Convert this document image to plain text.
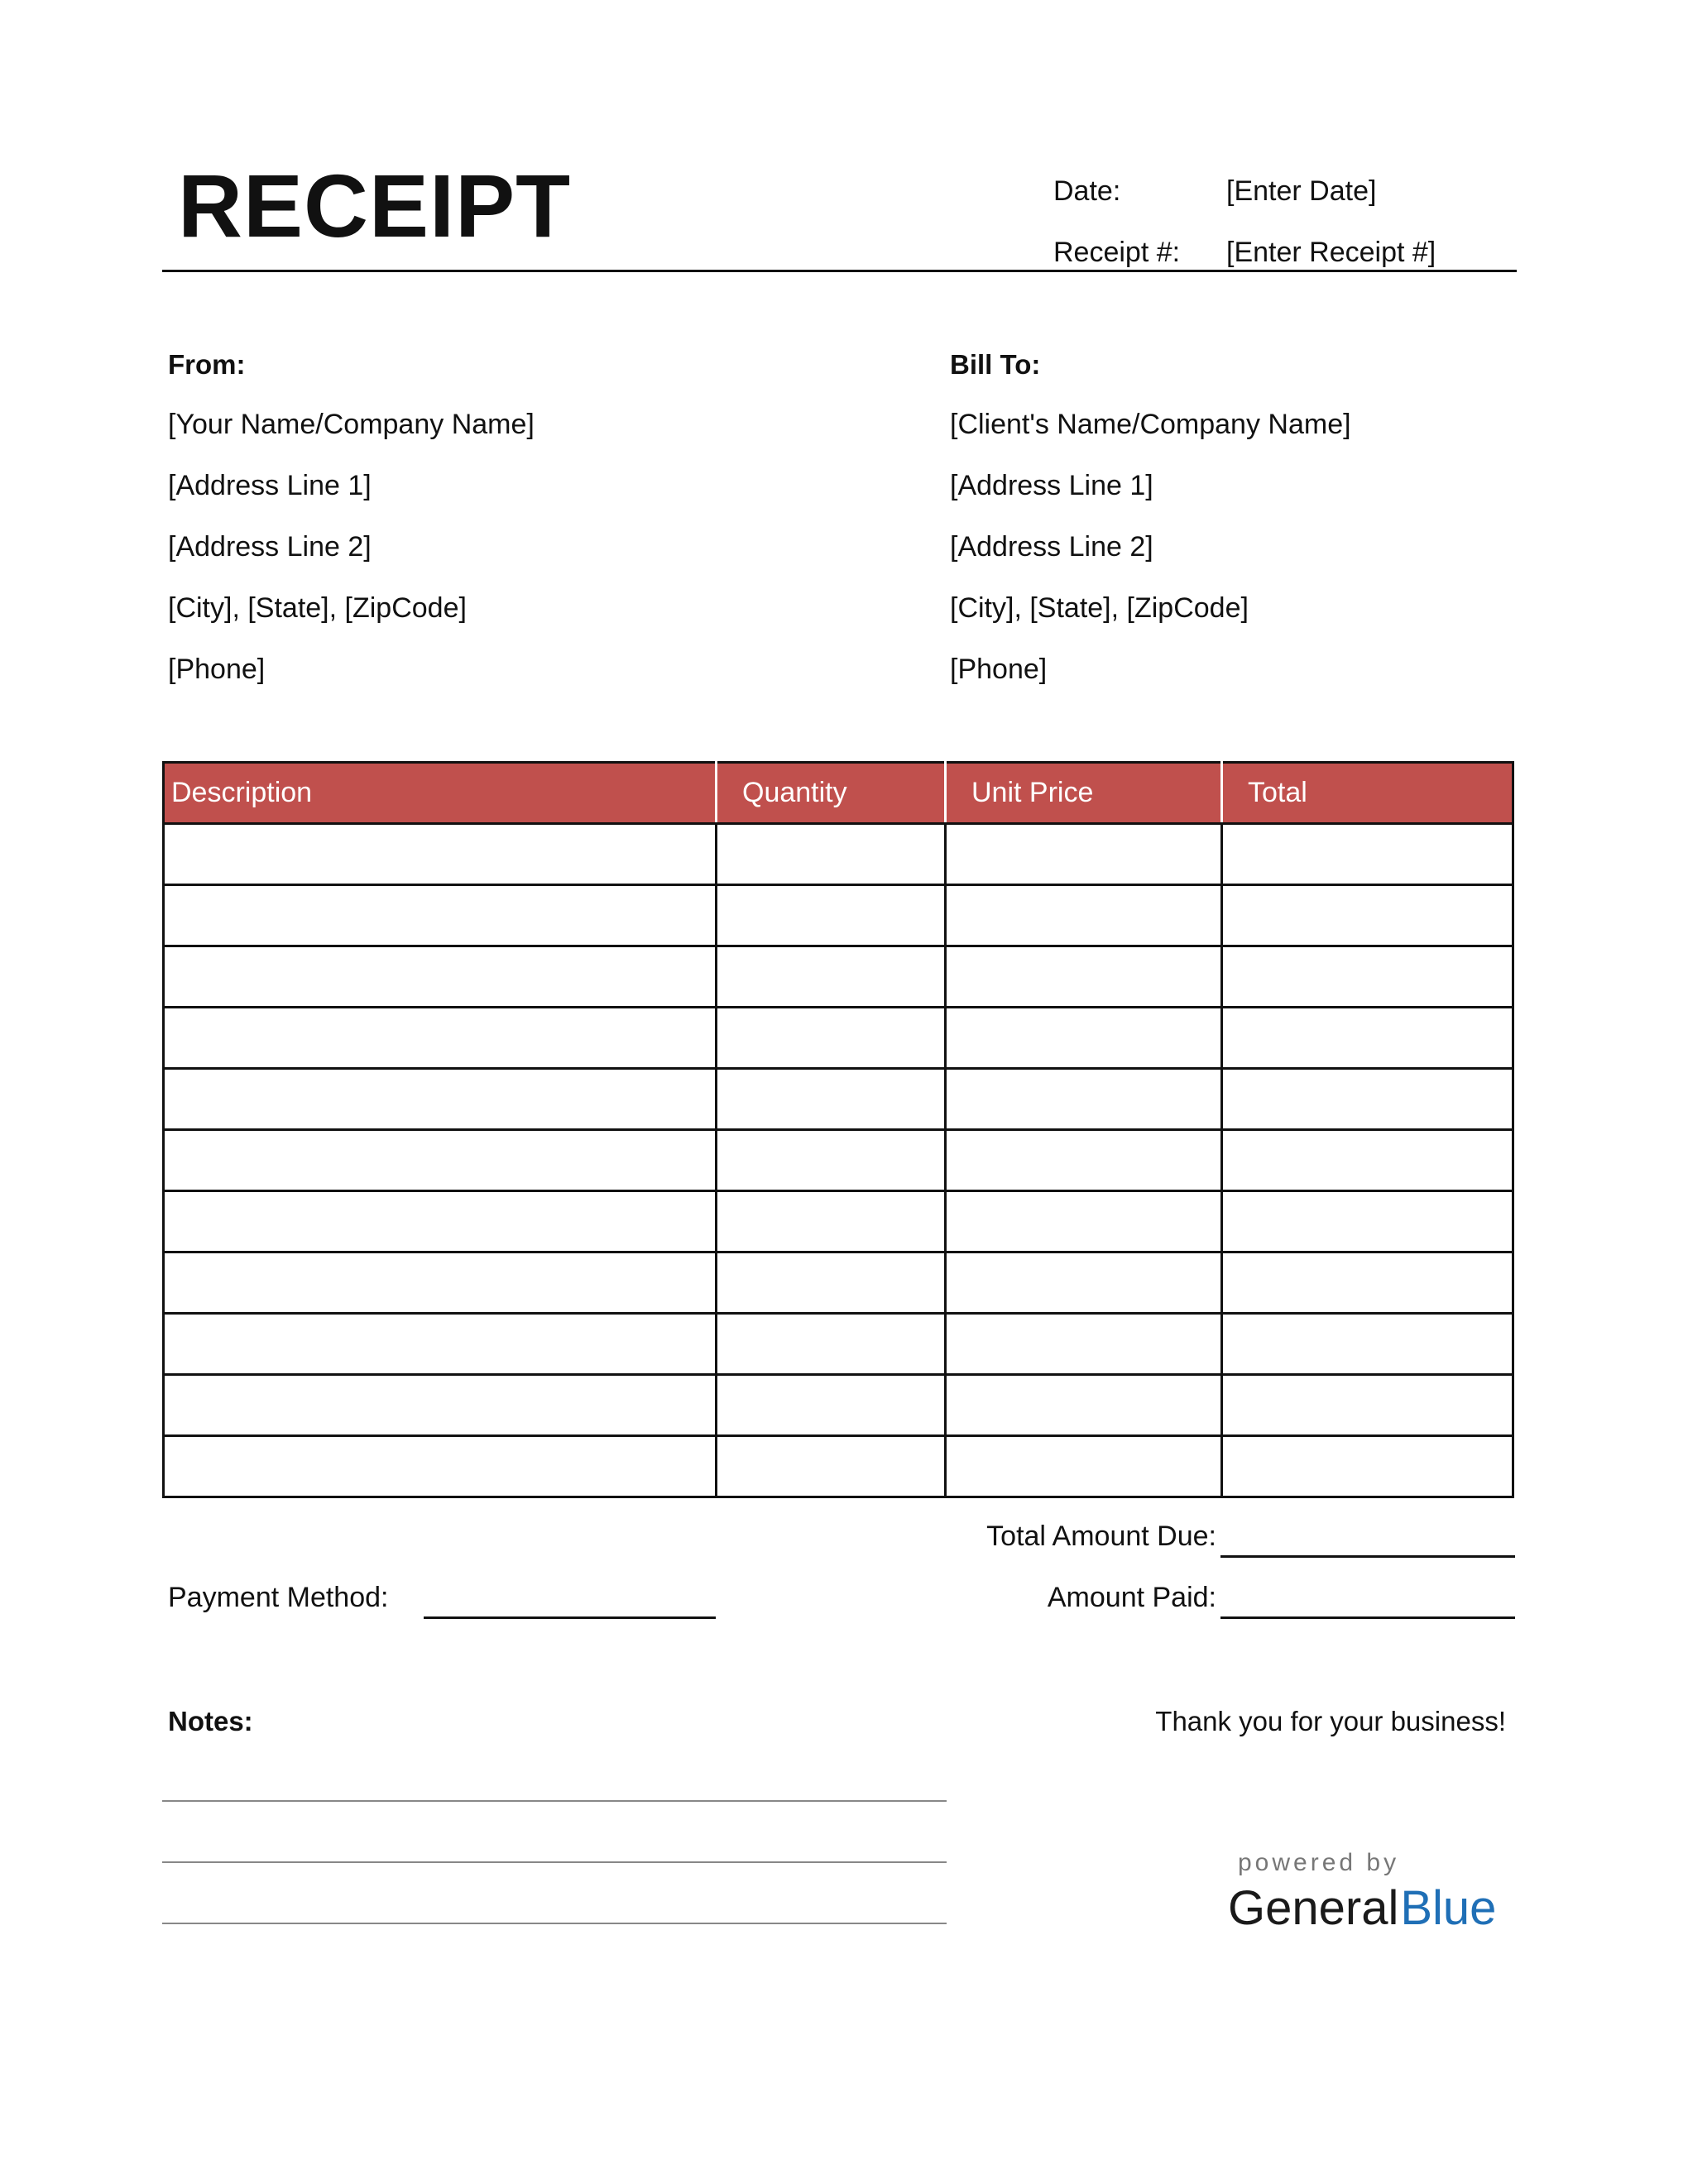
RECEIPT	Date:	[Enter Date]
Receipt #: [Enter Receipt #]
From:
[Your Name/Company Name]
[Address Line 1]
[Address Line 2]
[City], [State], [ZipCode]
[Phone]
Bill To:
[Client's Name/Company Name]
[Address Line 1]
[Address Line 2]
[City], [State], [ZipCode]
[Phone]
Description	Quantity	Unit Price	Total

Total Amount Due:
Amount Paid:
Payment Method:
Notes:	Thank you for your business!
powered by
GeneralBlue
